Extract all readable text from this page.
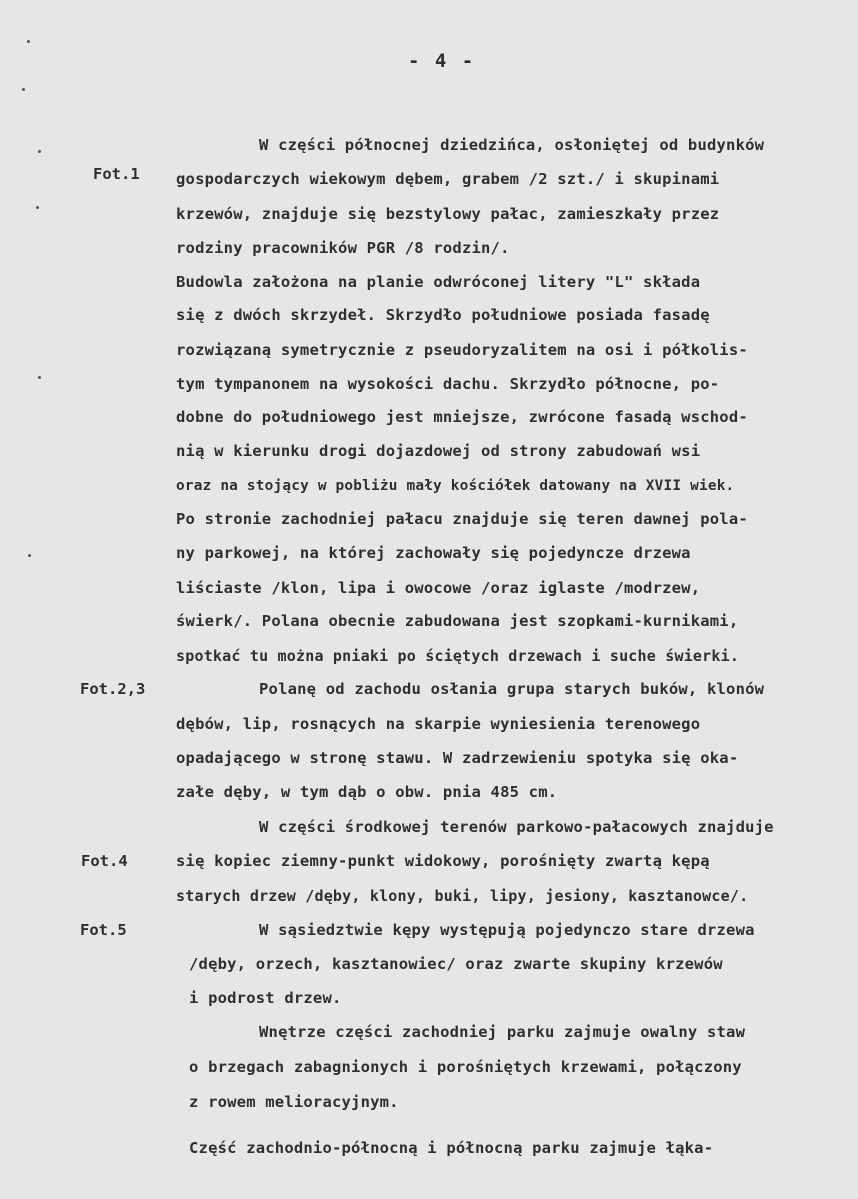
- 4 -
Fot.1
Fot.2,3
Fot.4
Fot.5
W części północnej dziedzińca, osłoniętej od budynków
gospodarczych wiekowym dębem, grabem /2 szt./ i skupinami
krzewów, znajduje się bezstylowy pałac, zamieszkały przez
rodziny pracowników PGR /8 rodzin/.
Budowla założona na planie odwróconej litery "L" składa
się z dwóch skrzydeł. Skrzydło południowe posiada fasadę
rozwiązaną symetrycznie z pseudoryzalitem na osi i półkolis-
tym tympanonem na wysokości dachu. Skrzydło północne, po-
dobne do południowego jest mniejsze, zwrócone fasadą wschod-
nią w kierunku drogi dojazdowej od strony zabudowań wsi
oraz na stojący w pobliżu mały kościółek datowany na XVII wiek.
Po stronie zachodniej pałacu znajduje się teren dawnej pola-
ny parkowej, na której zachowały się pojedyncze drzewa
liściaste /klon, lipa i owocowe /oraz iglaste /modrzew,
świerk/. Polana obecnie zabudowana jest szopkami-kurnikami,
spotkać tu można pniaki po ściętych drzewach i suche świerki.
Polanę od zachodu osłania grupa starych buków, klonów
dębów, lip, rosnących na skarpie wyniesienia terenowego
opadającego w stronę stawu. W zadrzewieniu spotyka się oka-
załe dęby, w tym dąb o obw. pnia 485 cm.
W części środkowej terenów parkowo-pałacowych znajduje
się kopiec ziemny-punkt widokowy, porośnięty zwartą kępą
starych drzew /dęby, klony, buki, lipy, jesiony, kasztanowce/.
W sąsiedztwie kępy występują pojedynczo stare drzewa
/dęby, orzech, kasztanowiec/ oraz zwarte skupiny krzewów
i podrost drzew.
Wnętrze części zachodniej parku zajmuje owalny staw
o brzegach zabagnionych i porośniętych krzewami, połączony
z rowem melioracyjnym.
Część zachodnio-północną i północną parku zajmuje łąka-
